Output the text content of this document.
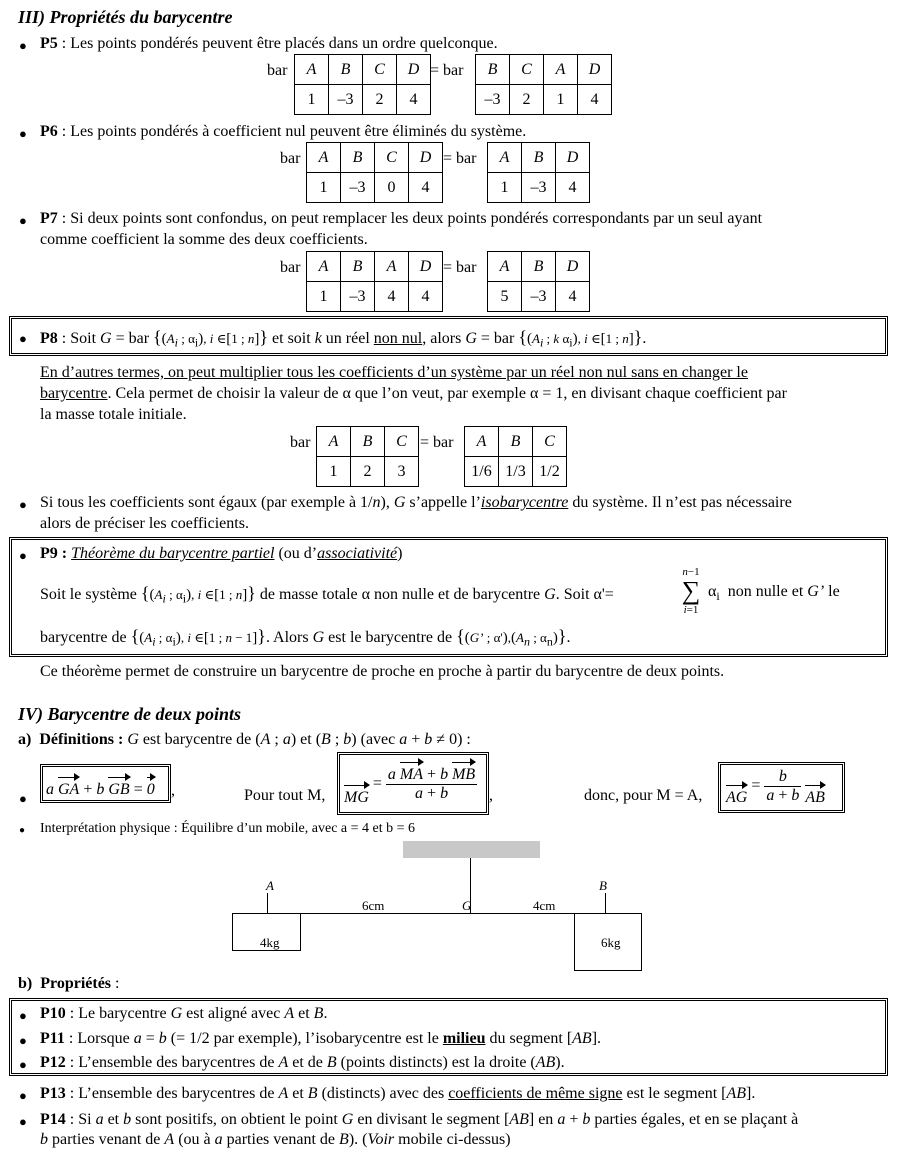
III) Propriétés du barycentre
● P5 : Les points pondérés peuvent être placés dans un ordre quelconque.
bar A	B	C	D
1	–3	2	4
= bar B	C	A	D
–3	2	1	4
● P6 : Les points pondérés à coefficient nul peuvent être éliminés du système.
bar A	B	C	D
1	–3	0	4
= bar A	B	D
1	–3	4
● P7 : Si deux points sont confondus, on peut remplacer les deux points pondérés correspondants par un seul ayant
comme coefficient la somme des deux coefficients.
bar A	B	A	D
1	–3	4	4
= bar A	B	D
5	–3	4
● P8 : Soit G = bar {($A_i$ ; $\alpha_i$), i ∈[1 ; n]} et soit k un réel non nul, alors G = bar {($A_i$ ; k $\alpha_i$), i ∈[1 ; n]}.
En d’autres termes, on peut multiplier tous les coefficients d’un système par un réel non nul sans en changer le
barycentre. Cela permet de choisir la valeur de α que l’on veut, par exemple α = 1, en divisant chaque coefficient par
la masse totale initiale.
bar A	B	C
1	2	3
= bar A	B	C
1/6	1/3	1/2
● Si tous les coefficients sont égaux (par exemple à 1/n), G s’appelle l’isobarycentre du système. Il n’est pas nécessaire
alors de préciser les coefficients.
● P9 : Théorème du barycentre partiel (ou d’associativité)
Soit le système {($A_i$ ; $\alpha_i$), i ∈[1 ; n]} de masse totale α non nulle et de barycentre G. Soit α'=
n−1
∑
i=1
$\alpha_i$  non nulle et G’ le
barycentre de {($A_i$ ; $\alpha_i$), i ∈[1 ; n − 1]}. Alors G est le barycentre de {(G’ ; $\alpha'),(A_n$ ; $\alpha_n$)}.
Ce théorème permet de construire un barycentre de proche en proche à partir du barycentre de deux points.
IV) Barycentre de deux points
a) Définitions : G est barycentre de (A ; a) et (B ; b) (avec a + b ≠ 0) :
●
a GA + b GB = 0 ,	Pour tout M, MG = $\frac{\text{a MA + b MB}}{a + b}$ ,	donc, pour M = A, AG = $\frac{b}{a + b}$ AB
● Interprétation physique : Équilibre d’un mobile, avec a = 4 et b = 6
A	B
G
6cm	4cm
4kg	6kg
b) Propriétés :
● P10 : Le barycentre G est aligné avec A et B.
● P11 : Lorsque a = b (= 1/2 par exemple), l’isobarycentre est le milieu du segment [AB].
● P12 : L’ensemble des barycentres de A et de B (points distincts) est la droite (AB).
● P13 : L’ensemble des barycentres de A et B (distincts) avec des coefficients de même signe est le segment [AB].
● P14 : Si a et b sont positifs, on obtient le point G en divisant le segment [AB] en a + b parties égales, et en se plaçant à
b parties venant de A (ou à a parties venant de B). (Voir mobile ci-dessus)
